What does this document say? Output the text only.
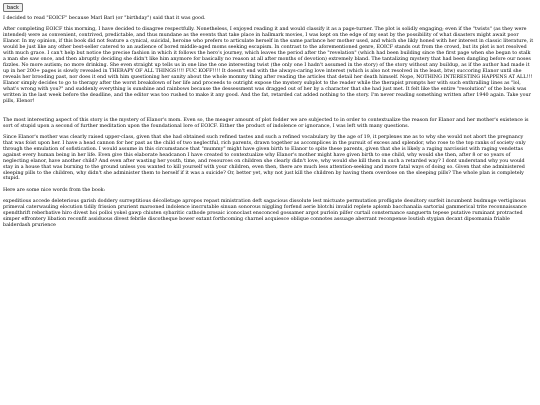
back

I decided to read "EOICF" because Marl Barl (or "birthday") said that it was good.

After completing EOICF this morning, I have decided to disagree respectfully. Nonetheless, I enjoyed reading it and would classify it as a page-turner. The plot is solidly engaging; even if the "twists" (as they were intended) were as convenient, contrived, predictable, and thus mundane as the events that take place in hallmark movies, I was kept on the edge of my seat by the possibility of what disasters might await poor Elanor. In my opinion, if this book did not feature a cynical, suicidal, heroine who prefers to articulate herself in the same parlance her mother used, and which she likly honed with her interest in classic literature, it would be just like any other best-seller catered to an audience of bored middle-aged moms seeking escapism. In contrast to the aforementioned genre, EOICF stands out from the crowd, but its plot is not resolved with much grace. I can't help but notice the precise fashion in which it follows the hero's journey, which leaves the period after the "revelation" (which had been building since the first page when she began to stalk a man she saw once, and then abruptly deciding she didn't like him anymore for basically no reason at all after months of devotion) extremely bland. The tantalizing mystery that had been dangling before our noses fizzles. No more autism; no more drinking. She even straight up tells us in one line the one interesting twist (the only one I hadn't assumed in the story) of the story without any buildup, as if the author had made it up in her 200+ pages is slowly revealed in THERAPY OF ALL THINGS!!!! FUC KOFF!!!! It doesn't end with the always-caring love interest (which is also not resolved in the least, btw) succoring Elanor until she reveals her brooding past, nor does it end with him questioning her sanity about the whole mommy thing after reading the articles that detail her death himself. Nope, NOTHING INTERESTING HAPPENS AT ALL!!! Elanor simply decides to go to therapy after the worst breakdown of her life and proceeds to outright expose the mystery subplot to the reader while the therapist prompts her with such enthralling lines as "lol, what's wrong with you?" and suddenly everything is sunshine and rainbows because the dessessment was dragged out of her by a character that she had just met. It felt like the entire "resolution" of the book was written in the last week before the deadline, and the editor was too rushed to make it any good. And the fat, retarded cat added nothing to the story. I'm never reading something written after 1940 again. Take your pills, Elenor!

The most interesting aspect of this story is the mystery of Elanor's mom. Even so, the meager amount of plot fodder we are subjected to in order to contextualize the reason for Elanor and her mother's existence is sort of stupid upon a second of further meditation upon the foundational lore of EOICF. Either the product of indolence or ignorance, I was left with many questions.

Since Elanor's mother was clearly raised upper-class, given that she had obtained such refined tastes and such a refined vocabulary by the age of 19, it perplexes me as to why she would not abort the pregnancy that was foist upon her. I have a head cannon for her past as the child of two neglectful, rich parents, drawn together as accomplices in the pursuit of excess and splendor, who rose to the top ranks of society only through the emulation of sofistication. I would assume in this circumstance that "mummy" might have given birth to Elanor to spite these parents, given that she is likely a raging narcissist with raging vendettas against every human being in her life. Even give this elaborate headcanon I have created to contextualize why Elanor's mother might have given birth to one child, why would she then, after 8 or so years of neglecting elanor, have another child? And even after wasting her youth, time, and resources on children she clearly didn't love, why would she kill them in such a retarded way? I dont understand why you would stay in a house that was burning to the ground unless you wanted to kill yourself with your children, even then, there are much less attention-seeking and more fatal ways of doing so. Given that she administered sleeping pills to the children, why didn't she administer them to herself if it was a suicide? Or, better yet, why not just kill the children by having them overdose on the sleeping pills? The whole plan is completely stupid.

Here are some nice words from the book:

expeditious accede deleterious garish doddery surreptitious décolletage apropos repast ministration deft sagacious dissolute lest mictuate permutation profligate desultory surfeit incumbent budmuge vertiginous primeval caterwauling elocution tidily frission prurient marooned indolence inscrutable sinuan sonorous niggling forfend aerie blotchi invalid replete aplomb bacchanalia sartorial gammerical trite reconnaissance spendthrift reberbative hiro divest hoi polloi yokel gawp chiuten sybaritic cathode prosaic iconoclast ensconced gossamer argot purloin pilfer curtail consternance sanguertn tepese putative ruminant protracted simper effrontery libation reconfit assiduous divest febrile discotheque bower extant forthcoming charnel acquiesce oblique connotes assuage aberrant reconpense loutish stygian decant dipsomania friable balderdash prurience
